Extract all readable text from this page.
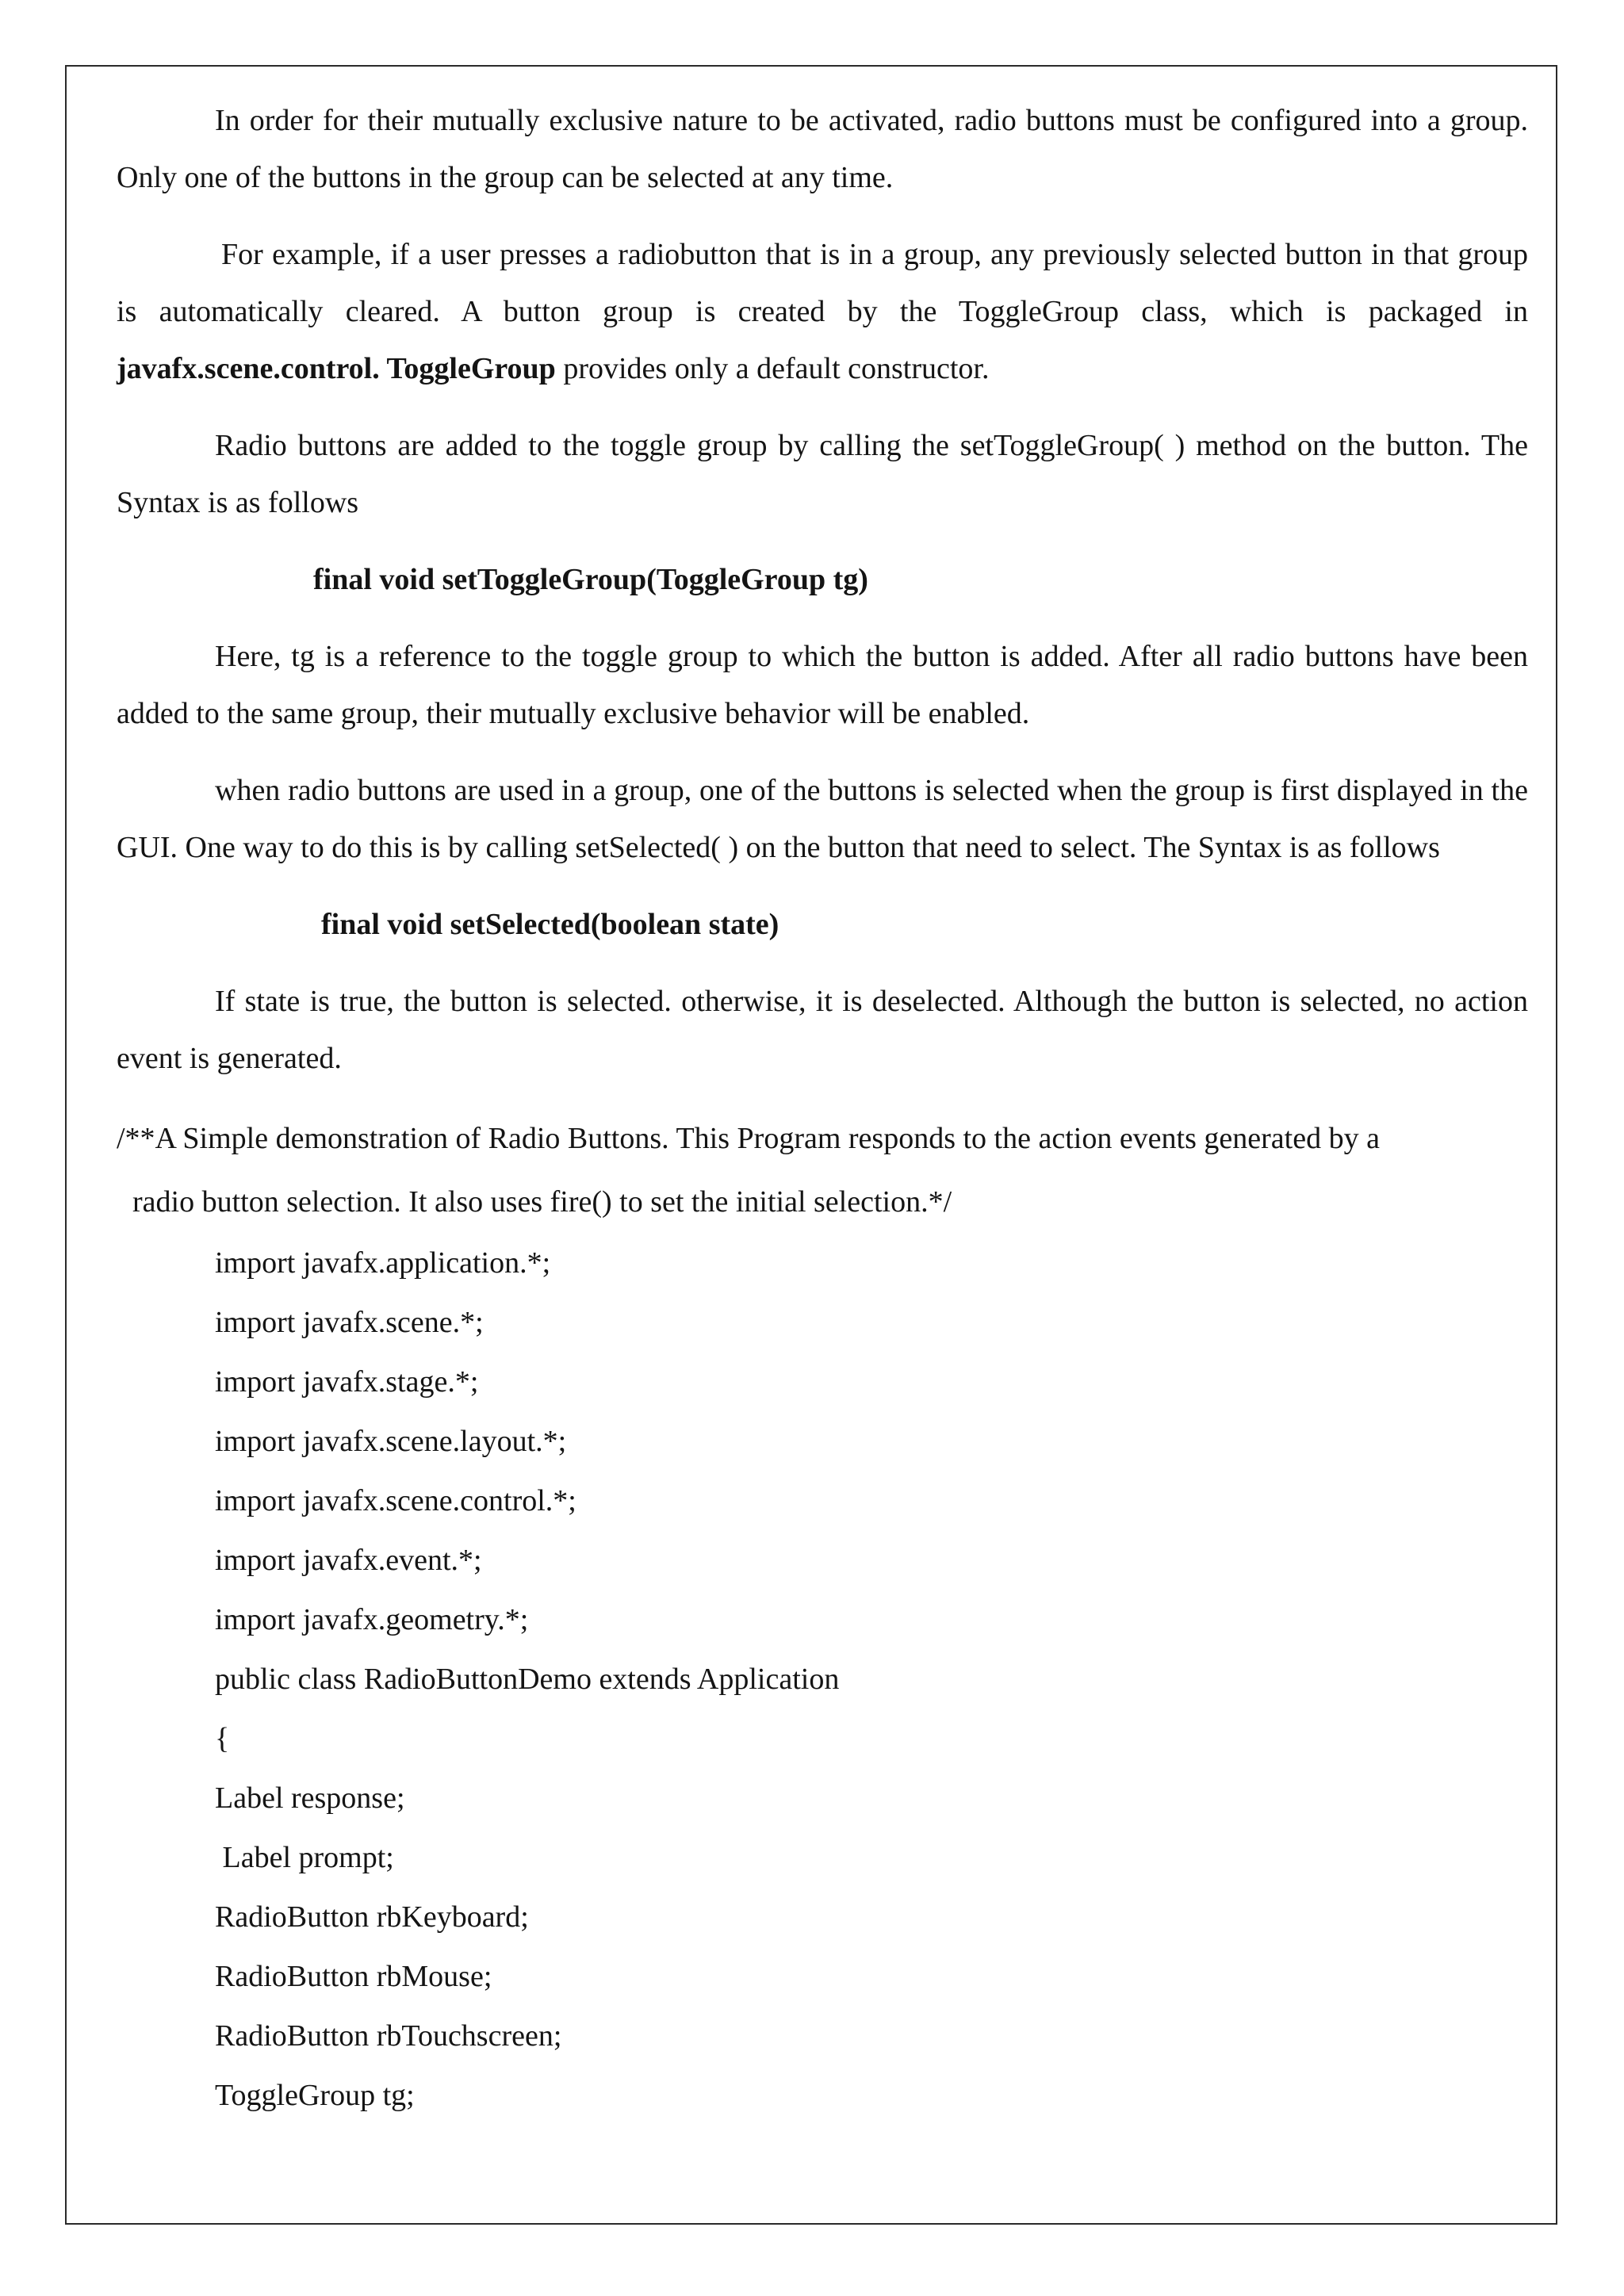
In order for their mutually exclusive nature to be activated, radio buttons must be configured into a group. Only one of the buttons in the group can be selected at any time.

For example, if a user presses a radiobutton that is in a group, any previously selected button in that group is automatically cleared. A button group is created by the ToggleGroup class, which is packaged in javafx.scene.control. ToggleGroup provides only a default constructor.

Radio buttons are added to the toggle group by calling the setToggleGroup( ) method on the button. The Syntax is as follows

final void setToggleGroup(ToggleGroup tg)

Here, tg is a reference to the toggle group to which the button is added. After all radio buttons have been added to the same group, their mutually exclusive behavior will be enabled.

when radio buttons are used in a group, one of the buttons is selected when the group is first displayed in the GUI. One way to do this is by calling setSelected( ) on the button that need to select. The Syntax is as follows

final void setSelected(boolean state)

If state is true, the button is selected. otherwise, it is deselected. Although the button is selected, no action event is generated.

/**A Simple demonstration of Radio Buttons. This Program responds to the action events generated by a
radio button selection. It also uses fire() to set the initial selection.*/
import javafx.application.*;
import javafx.scene.*;
import javafx.stage.*;
import javafx.scene.layout.*;
import javafx.scene.control.*;
import javafx.event.*;
import javafx.geometry.*;
public class RadioButtonDemo extends Application
{
Label response;
Label prompt;
RadioButton rbKeyboard;
RadioButton rbMouse;
RadioButton rbTouchscreen;
ToggleGroup tg;
